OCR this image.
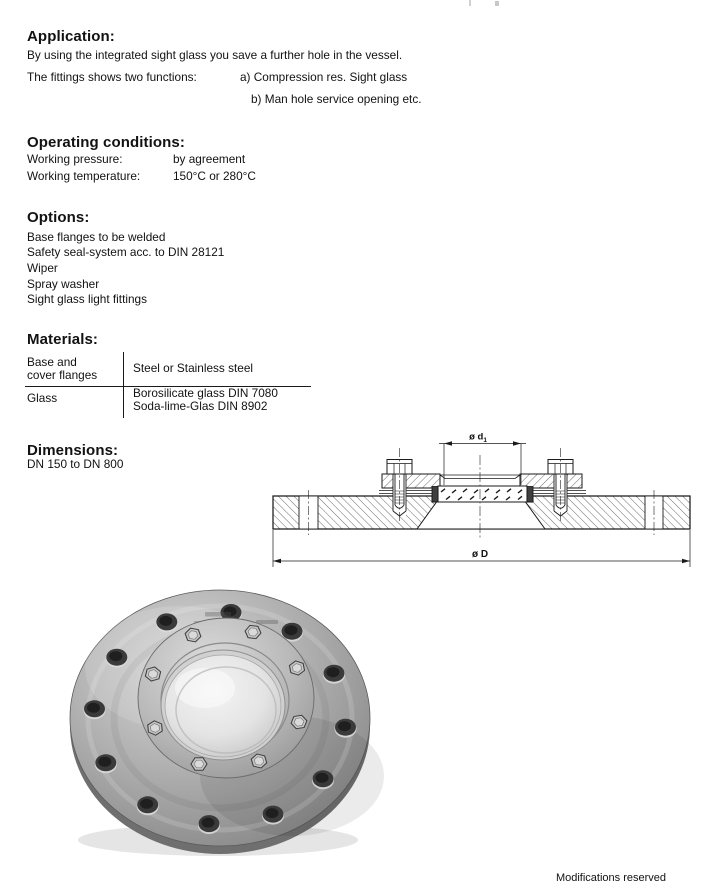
Application:
By using the integrated sight glass you save a further hole in the vessel.
The fittings shows two functions:	a) Compression res. Sight glass
b) Man hole service opening etc.
Operating conditions:
Working pressure:	by agreement
Working temperature:	150°C or 280°C
Options:
Base flanges to be welded
Safety seal-system acc. to DIN 28121
Wiper
Spray washer
Sight glass light fittings
Materials:
Base and
cover flanges	Steel or Stainless steel
Glass	Borosilicate glass DIN 7080
Soda-lime-Glas DIN 8902
Dimensions:
DN 150 to DN 800
ø $d_1$
ø D
Modifications reserved
